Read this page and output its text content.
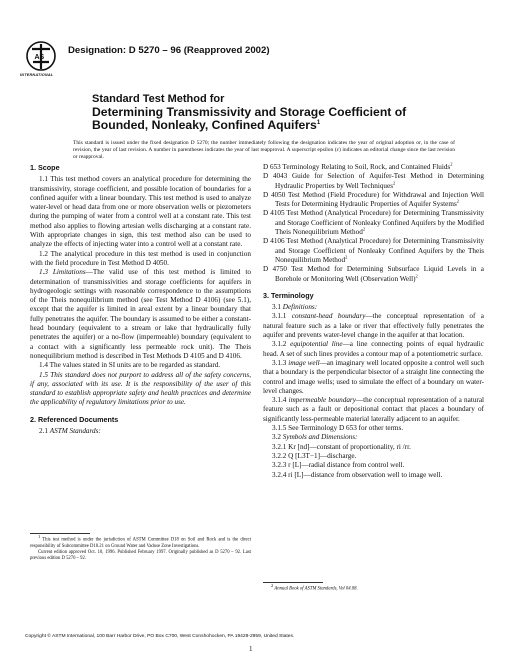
AS
INTERNATIONAL
Designation: D 5270 – 96 (Reapproved 2002)
Standard Test Method for
Determining Transmissivity and Storage Coefficient of
Bounded, Nonleaky, Confined Aquifers$^1$
This standard is issued under the fixed designation D 5270; the number immediately following the designation indicates the year of original adoption or, in the case of revision, the year of last revision. A number in parentheses indicates the year of last reapproval. A superscript epsilon (ε) indicates an editorial change since the last revision or reapproval.

1. Scope

1.1 This test method covers an analytical procedure for determining the transmissivity, storage coefficient, and possible location of boundaries for a confined aquifer with a linear boundary. This test method is used to analyze water-level or head data from one or more observation wells or piezometers during the pumping of water from a control well at a constant rate. This test method also applies to flowing artesian wells discharging at a constant rate. With appropriate changes in sign, this test method also can be used to analyze the effects of injecting water into a control well at a constant rate.

1.2 The analytical procedure in this test method is used in conjunction with the field procedure in Test Method D 4050.

1.3 Limitations—The valid use of this test method is limited to determination of transmissivities and storage coefficients for aquifers in hydrogeologic settings with reasonable correspondence to the assumptions of the Theis nonequilibrium method (see Test Method D 4106) (see 5.1), except that the aquifer is limited in areal extent by a linear boundary that fully penetrates the aquifer. The boundary is assumed to be either a constant-head boundary (equivalent to a stream or lake that hydraulically fully penetrates the aquifer) or a no-flow (impermeable) boundary (equivalent to a contact with a significantly less permeable rock unit). The Theis nonequilibrium method is described in Test Methods D 4105 and D 4106.

1.4 The values stated in SI units are to be regarded as standard.

1.5 This standard does not purport to address all of the safety concerns, if any, associated with its use. It is the responsibility of the user of this standard to establish appropriate safety and health practices and determine the applicability of regulatory limitations prior to use.

2. Referenced Documents

2.1 ASTM Standards:

$^1$ This test method is under the jurisdiction of ASTM Committee D18 on Soil and Rock and is the direct responsibility of Subcommittee D18.21 on Ground Water and Vadose Zone Investigations.

Current edition approved Oct. 10, 1996. Published February 1997. Originally published as D 5270 – 92. Last previous edition D 5270 – 92.

D 653 Terminology Relating to Soil, Rock, and Contained Fluids$^2$

D 4043 Guide for Selection of Aquifer-Test Method in Determining Hydraulic Properties by Well Techniques$^2$

D 4050 Test Method (Field Procedure) for Withdrawal and Injection Well Tests for Determining Hydraulic Properties of Aquifer Systems$^2$

D 4105 Test Method (Analytical Procedure) for Determining Transmissivity and Storage Coefficient of Nonleaky Confined Aquifers by the Modified Theis Nonequilibrium Method$^2$

D 4106 Test Method (Analytical Procedure) for Determining Transmissivity and Storage Coefficient of Nonleaky Confined Aquifers by the Theis Nonequilibrium Method$^2$

D 4750 Test Method for Determining Subsurface Liquid Levels in a Borehole or Monitoring Well (Observation Well)$^2$

3. Terminology

3.1 Definitions:

3.1.1 constant-head boundary—the conceptual representation of a natural feature such as a lake or river that effectively fully penetrates the aquifer and prevents water-level change in the aquifer at that location.

3.1.2 equipotential line—a line connecting points of equal hydraulic head. A set of such lines provides a contour map of a potentiometric surface.

3.1.3 image well—an imaginary well located opposite a control well such that a boundary is the perpendicular bisector of a straight line connecting the control and image wells; used to simulate the effect of a boundary on water-level changes.

3.1.4 impermeable boundary—the conceptual representation of a natural feature such as a fault or depositional contact that places a boundary of significantly less-permeable material laterally adjacent to an aquifer.

3.1.5 See Terminology D 653 for other terms.

3.2 Symbols and Dimensions:

3.2.1 Kr [nd]—constant of proportionality, ri /rr.

3.2.2 Q [L3T−1]—discharge.

3.2.3 r [L]—radial distance from control well.

3.2.4 ri [L]—distance from observation well to image well.

$^2$ Annual Book of ASTM Standards, Vol 04.08.

Copyright © ASTM International, 100 Barr Harbor Drive, PO Box C700, West Conshohocken, PA 19428-2959, United States.
1
